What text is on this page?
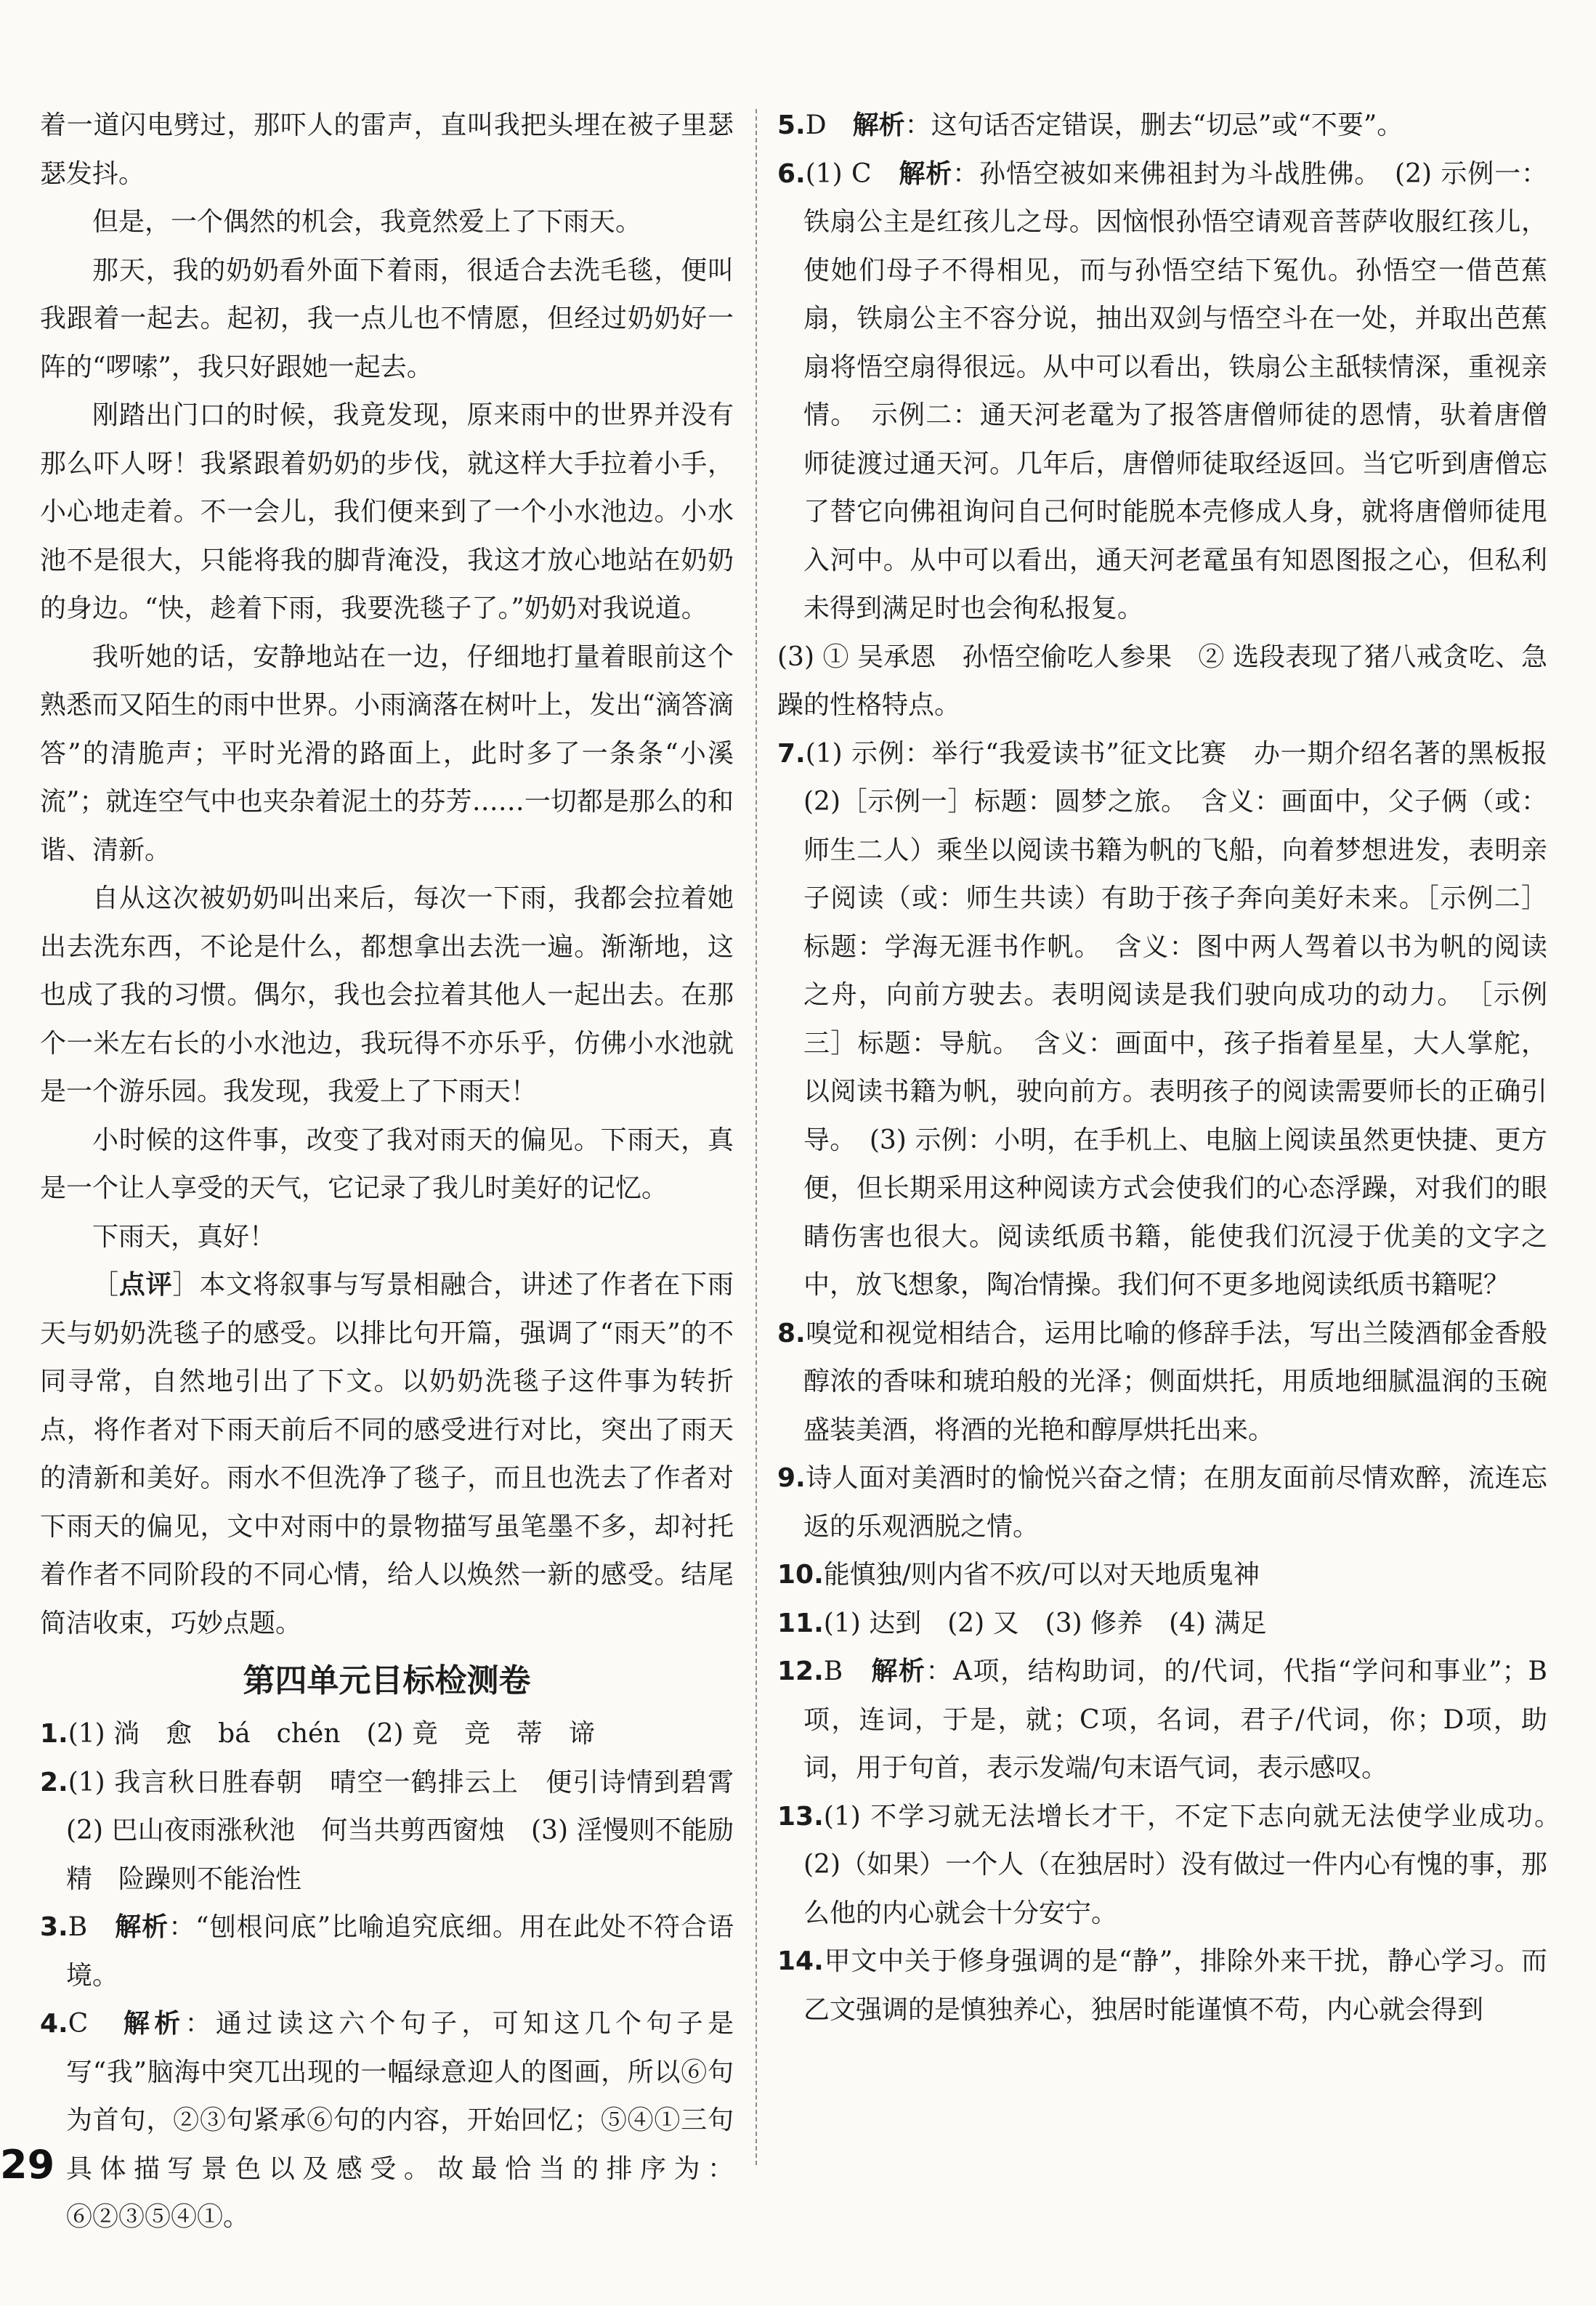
着一道闪电劈过，那吓人的雷声，直叫我把头埋在被子里瑟瑟发抖。

但是，一个偶然的机会，我竟然爱上了下雨天。

那天，我的奶奶看外面下着雨，很适合去洗毛毯，便叫我跟着一起去。起初，我一点儿也不情愿，但经过奶奶好一阵的“啰嗦”，我只好跟她一起去。

刚踏出门口的时候，我竟发现，原来雨中的世界并没有那么吓人呀！我紧跟着奶奶的步伐，就这样大手拉着小手，小心地走着。不一会儿，我们便来到了一个小水池边。小水池不是很大，只能将我的脚背淹没，我这才放心地站在奶奶的身边。“快，趁着下雨，我要洗毯子了。”奶奶对我说道。

我听她的话，安静地站在一边，仔细地打量着眼前这个熟悉而又陌生的雨中世界。小雨滴落在树叶上，发出“滴答滴答”的清脆声；平时光滑的路面上，此时多了一条条“小溪流”；就连空气中也夹杂着泥土的芬芳……一切都是那么的和谐、清新。

自从这次被奶奶叫出来后，每次一下雨，我都会拉着她出去洗东西，不论是什么，都想拿出去洗一遍。渐渐地，这也成了我的习惯。偶尔，我也会拉着其他人一起出去。在那个一米左右长的小水池边，我玩得不亦乐乎，仿佛小水池就是一个游乐园。我发现，我爱上了下雨天！

小时候的这件事，改变了我对雨天的偏见。下雨天，真是一个让人享受的天气，它记录了我儿时美好的记忆。

下雨天，真好！

［点评］本文将叙事与写景相融合，讲述了作者在下雨天与奶奶洗毯子的感受。以排比句开篇，强调了“雨天”的不同寻常，自然地引出了下文。以奶奶洗毯子这件事为转折点，将作者对下雨天前后不同的感受进行对比，突出了雨天的清新和美好。雨水不但洗净了毯子，而且也洗去了作者对下雨天的偏见，文中对雨中的景物描写虽笔墨不多，却衬托着作者不同阶段的不同心情，给人以焕然一新的感受。结尾简洁收束，巧妙点题。

第四单元目标检测卷

1.(1) 淌　愈　bá　chén　(2) 竟　竞　蒂　谛

2.(1) 我言秋日胜春朝　晴空一鹤排云上　便引诗情到碧霄　(2) 巴山夜雨涨秋池　何当共剪西窗烛　(3) 淫慢则不能励精　险躁则不能治性

3.B　解析：“刨根问底”比喻追究底细。用在此处不符合语境。

4.C　解析：通过读这六个句子，可知这几个句子是写“我”脑海中突兀出现的一幅绿意迎人的图画，所以⑥句为首句，②③句紧承⑥句的内容，开始回忆；⑤④①三句具体描写景色以及感受。故最恰当的排序为：⑥②③⑤④①。

5.D　解析：这句话否定错误，删去“切忌”或“不要”。

6.(1) C　解析：孙悟空被如来佛祖封为斗战胜佛。　(2) 示例一：铁扇公主是红孩儿之母。因恼恨孙悟空请观音菩萨收服红孩儿，使她们母子不得相见，而与孙悟空结下冤仇。孙悟空一借芭蕉扇，铁扇公主不容分说，抽出双剑与悟空斗在一处，并取出芭蕉扇将悟空扇得很远。从中可以看出，铁扇公主舐犊情深，重视亲情。　示例二：通天河老鼋为了报答唐僧师徒的恩情，驮着唐僧师徒渡过通天河。几年后，唐僧师徒取经返回。当它听到唐僧忘了替它向佛祖询问自己何时能脱本壳修成人身，就将唐僧师徒甩入河中。从中可以看出，通天河老鼋虽有知恩图报之心，但私利未得到满足时也会徇私报复。

(3) ① 吴承恩　孙悟空偷吃人参果　② 选段表现了猪八戒贪吃、急躁的性格特点。

7.(1) 示例：举行“我爱读书”征文比赛　办一期介绍名著的黑板报　(2)［示例一］标题：圆梦之旅。　含义：画面中，父子俩（或：师生二人）乘坐以阅读书籍为帆的飞船，向着梦想进发，表明亲子阅读（或：师生共读）有助于孩子奔向美好未来。［示例二］标题：学海无涯书作帆。　含义：图中两人驾着以书为帆的阅读之舟，向前方驶去。表明阅读是我们驶向成功的动力。　［示例三］标题：导航。　含义：画面中，孩子指着星星，大人掌舵，以阅读书籍为帆，驶向前方。表明孩子的阅读需要师长的正确引导。　(3) 示例：小明，在手机上、电脑上阅读虽然更快捷、更方便，但长期采用这种阅读方式会使我们的心态浮躁，对我们的眼睛伤害也很大。阅读纸质书籍，能使我们沉浸于优美的文字之中，放飞想象，陶冶情操。我们何不更多地阅读纸质书籍呢？

8.嗅觉和视觉相结合，运用比喻的修辞手法，写出兰陵酒郁金香般醇浓的香味和琥珀般的光泽；侧面烘托，用质地细腻温润的玉碗盛装美酒，将酒的光艳和醇厚烘托出来。

9.诗人面对美酒时的愉悦兴奋之情；在朋友面前尽情欢醉，流连忘返的乐观洒脱之情。

10.能慎独/则内省不疚/可以对天地质鬼神

11.(1) 达到　(2) 又　(3) 修养　(4) 满足

12.B　解析：A项，结构助词，的/代词，代指“学问和事业”；B项，连词，于是，就；C项，名词，君子/代词，你；D项，助词，用于句首，表示发端/句末语气词，表示感叹。

13.(1) 不学习就无法增长才干，不定下志向就无法使学业成功。　(2)（如果）一个人（在独居时）没有做过一件内心有愧的事，那么他的内心就会十分安宁。

14.甲文中关于修身强调的是“静”，排除外来干扰，静心学习。而乙文强调的是慎独养心，独居时能谨慎不苟，内心就会得到

29
